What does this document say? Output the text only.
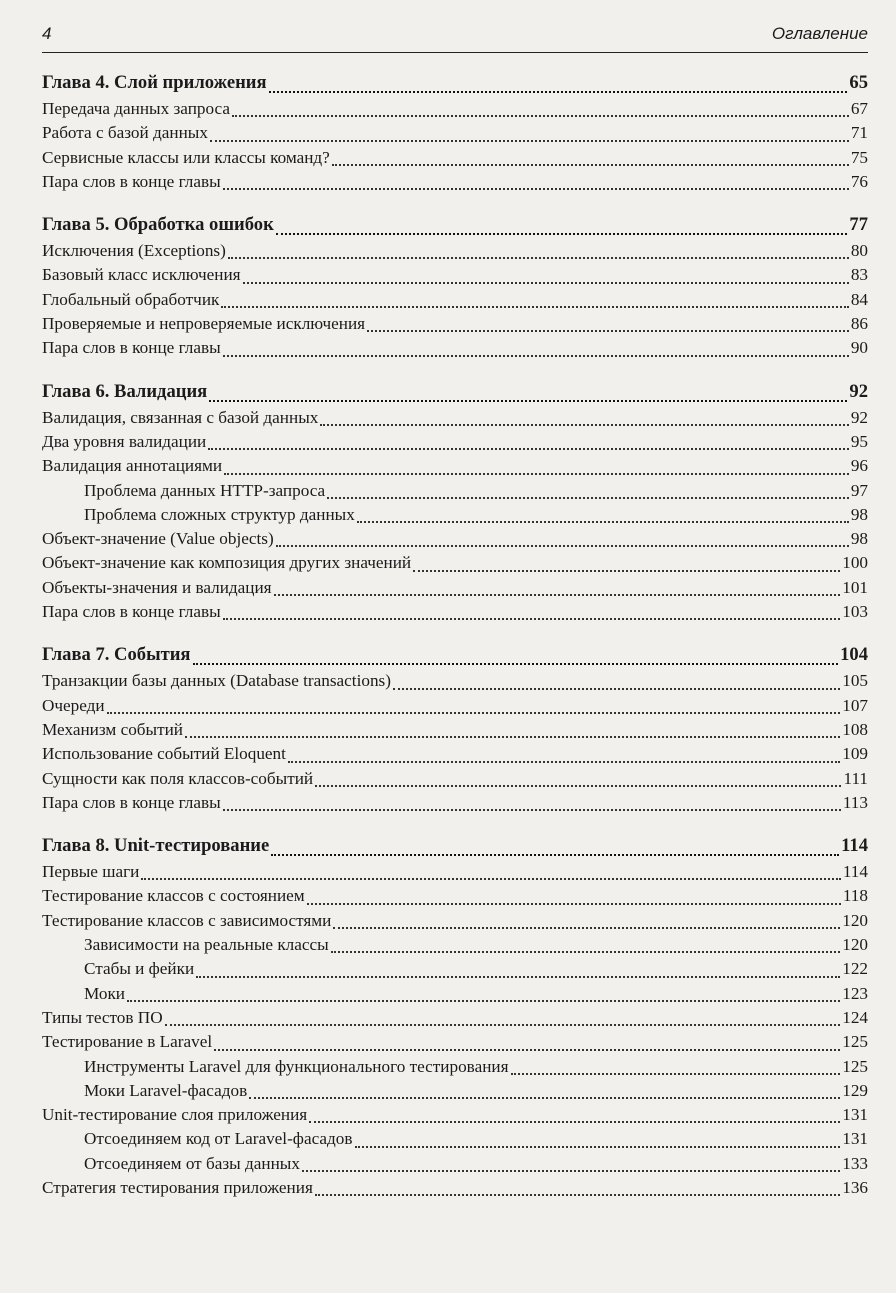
4	Оглавление
Глава 4. Слой приложения	65
Передача данных запроса	67
Работа с базой данных	71
Сервисные классы или классы команд?	75
Пара слов в конце главы	76
Глава 5. Обработка ошибок	77
Исключения (Exceptions)	80
Базовый класс исключения	83
Глобальный обработчик	84
Проверяемые и непроверяемые исключения	86
Пара слов в конце главы	90
Глава 6. Валидация	92
Валидация, связанная с базой данных	92
Два уровня валидации	95
Валидация аннотациями	96
Проблема данных HTTP-запроса	97
Проблема сложных структур данных	98
Объект-значение (Value objects)	98
Объект-значение как композиция других значений	100
Объекты-значения и валидация	101
Пара слов в конце главы	103
Глава 7. События	104
Транзакции базы данных (Database transactions)	105
Очереди	107
Механизм событий	108
Использование событий Eloquent	109
Сущности как поля классов-событий	111
Пара слов в конце главы	113
Глава 8. Unit-тестирование	114
Первые шаги	114
Тестирование классов с состоянием	118
Тестирование классов с зависимостями	120
Зависимости на реальные классы	120
Стабы и фейки	122
Моки	123
Типы тестов ПО	124
Тестирование в Laravel	125
Инструменты Laravel для функционального тестирования	125
Моки Laravel-фасадов	129
Unit-тестирование слоя приложения	131
Отсоединяем код от Laravel-фасадов	131
Отсоединяем от базы данных	133
Стратегия тестирования приложения	136
